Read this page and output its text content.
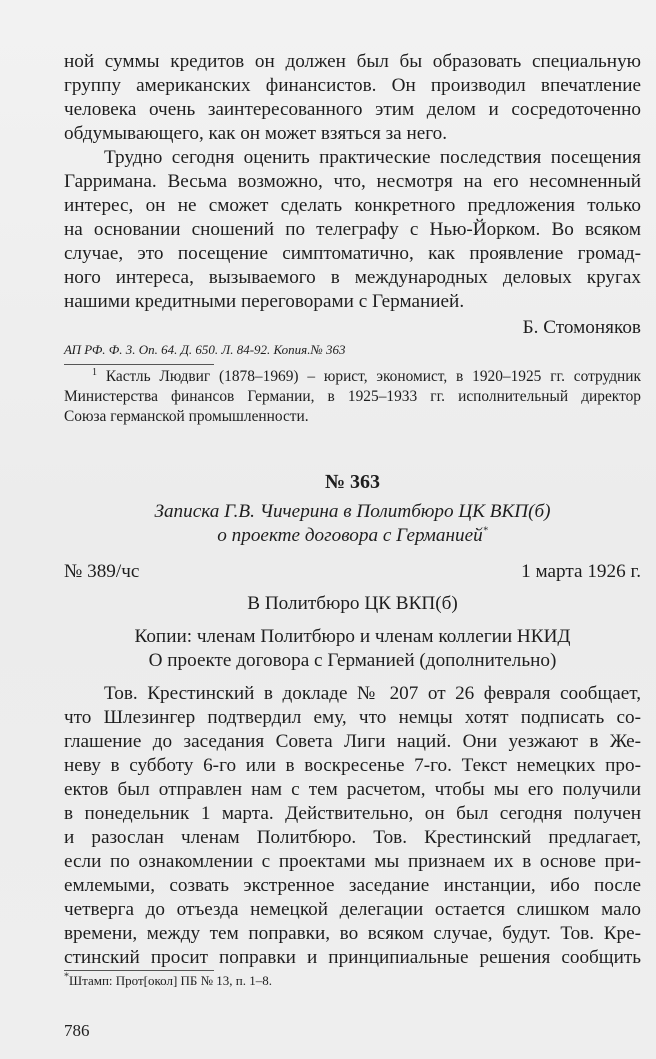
ной суммы кредитов он должен был бы образовать специальную
группу американских финансистов. Он производил впечатление
человека очень заинтересованного этим делом и сосредоточенно
обдумывающего, как он может взяться за него.
Трудно сегодня оценить практические последствия посещения
Гарримана. Весьма возможно, что, несмотря на его несомненный
интерес, он не сможет сделать конкретного предложения только
на основании сношений по телеграфу с Нью-Йорком. Во всяком
случае, это посещение симптоматично, как проявление громад-
ного интереса, вызываемого в международных деловых кругах
нашими кредитными переговорами с Германией.
Б. Стомоняков
АП РФ. Ф. 3. Оп. 64. Д. 650. Л. 84-92. Копия.№ 363
$^1$ Кастль Людвиг (1878–1969) – юрист, экономист, в 1920–1925 гг. сотрудник
Министерства финансов Германии, в 1925–1933 гг. исполнительный директор
Союза германской промышленности.
№ 363
Записка Г.В. Чичерина в Политбюро ЦК ВКП(б)
о проекте договора с Германией*
№ 389/чс	1 марта 1926 г.
В Политбюро ЦК ВКП(б)
Копии: членам Политбюро и членам коллегии НКИД
О проекте договора с Германией (дополнительно)
Тов. Крестинский в докладе № 207 от 26 февраля сообщает,
что Шлезингер подтвердил ему, что немцы хотят подписать со-
глашение до заседания Совета Лиги наций. Они уезжают в Же-
неву в субботу 6-го или в воскресенье 7-го. Текст немецких про-
ектов был отправлен нам с тем расчетом, чтобы мы его получили
в понедельник 1 марта. Действительно, он был сегодня получен
и разослан членам Политбюро. Тов. Крестинский предлагает,
если по ознакомлении с проектами мы признаем их в основе при-
емлемыми, созвать экстренное заседание инстанции, ибо после
четверга до отъезда немецкой делегации остается слишком мало
времени, между тем поправки, во всяком случае, будут. Тов. Кре-
стинский просит поправки и принципиальные решения сообщить
*Штамп: Прот[окол] ПБ № 13, п. 1–8.
786
